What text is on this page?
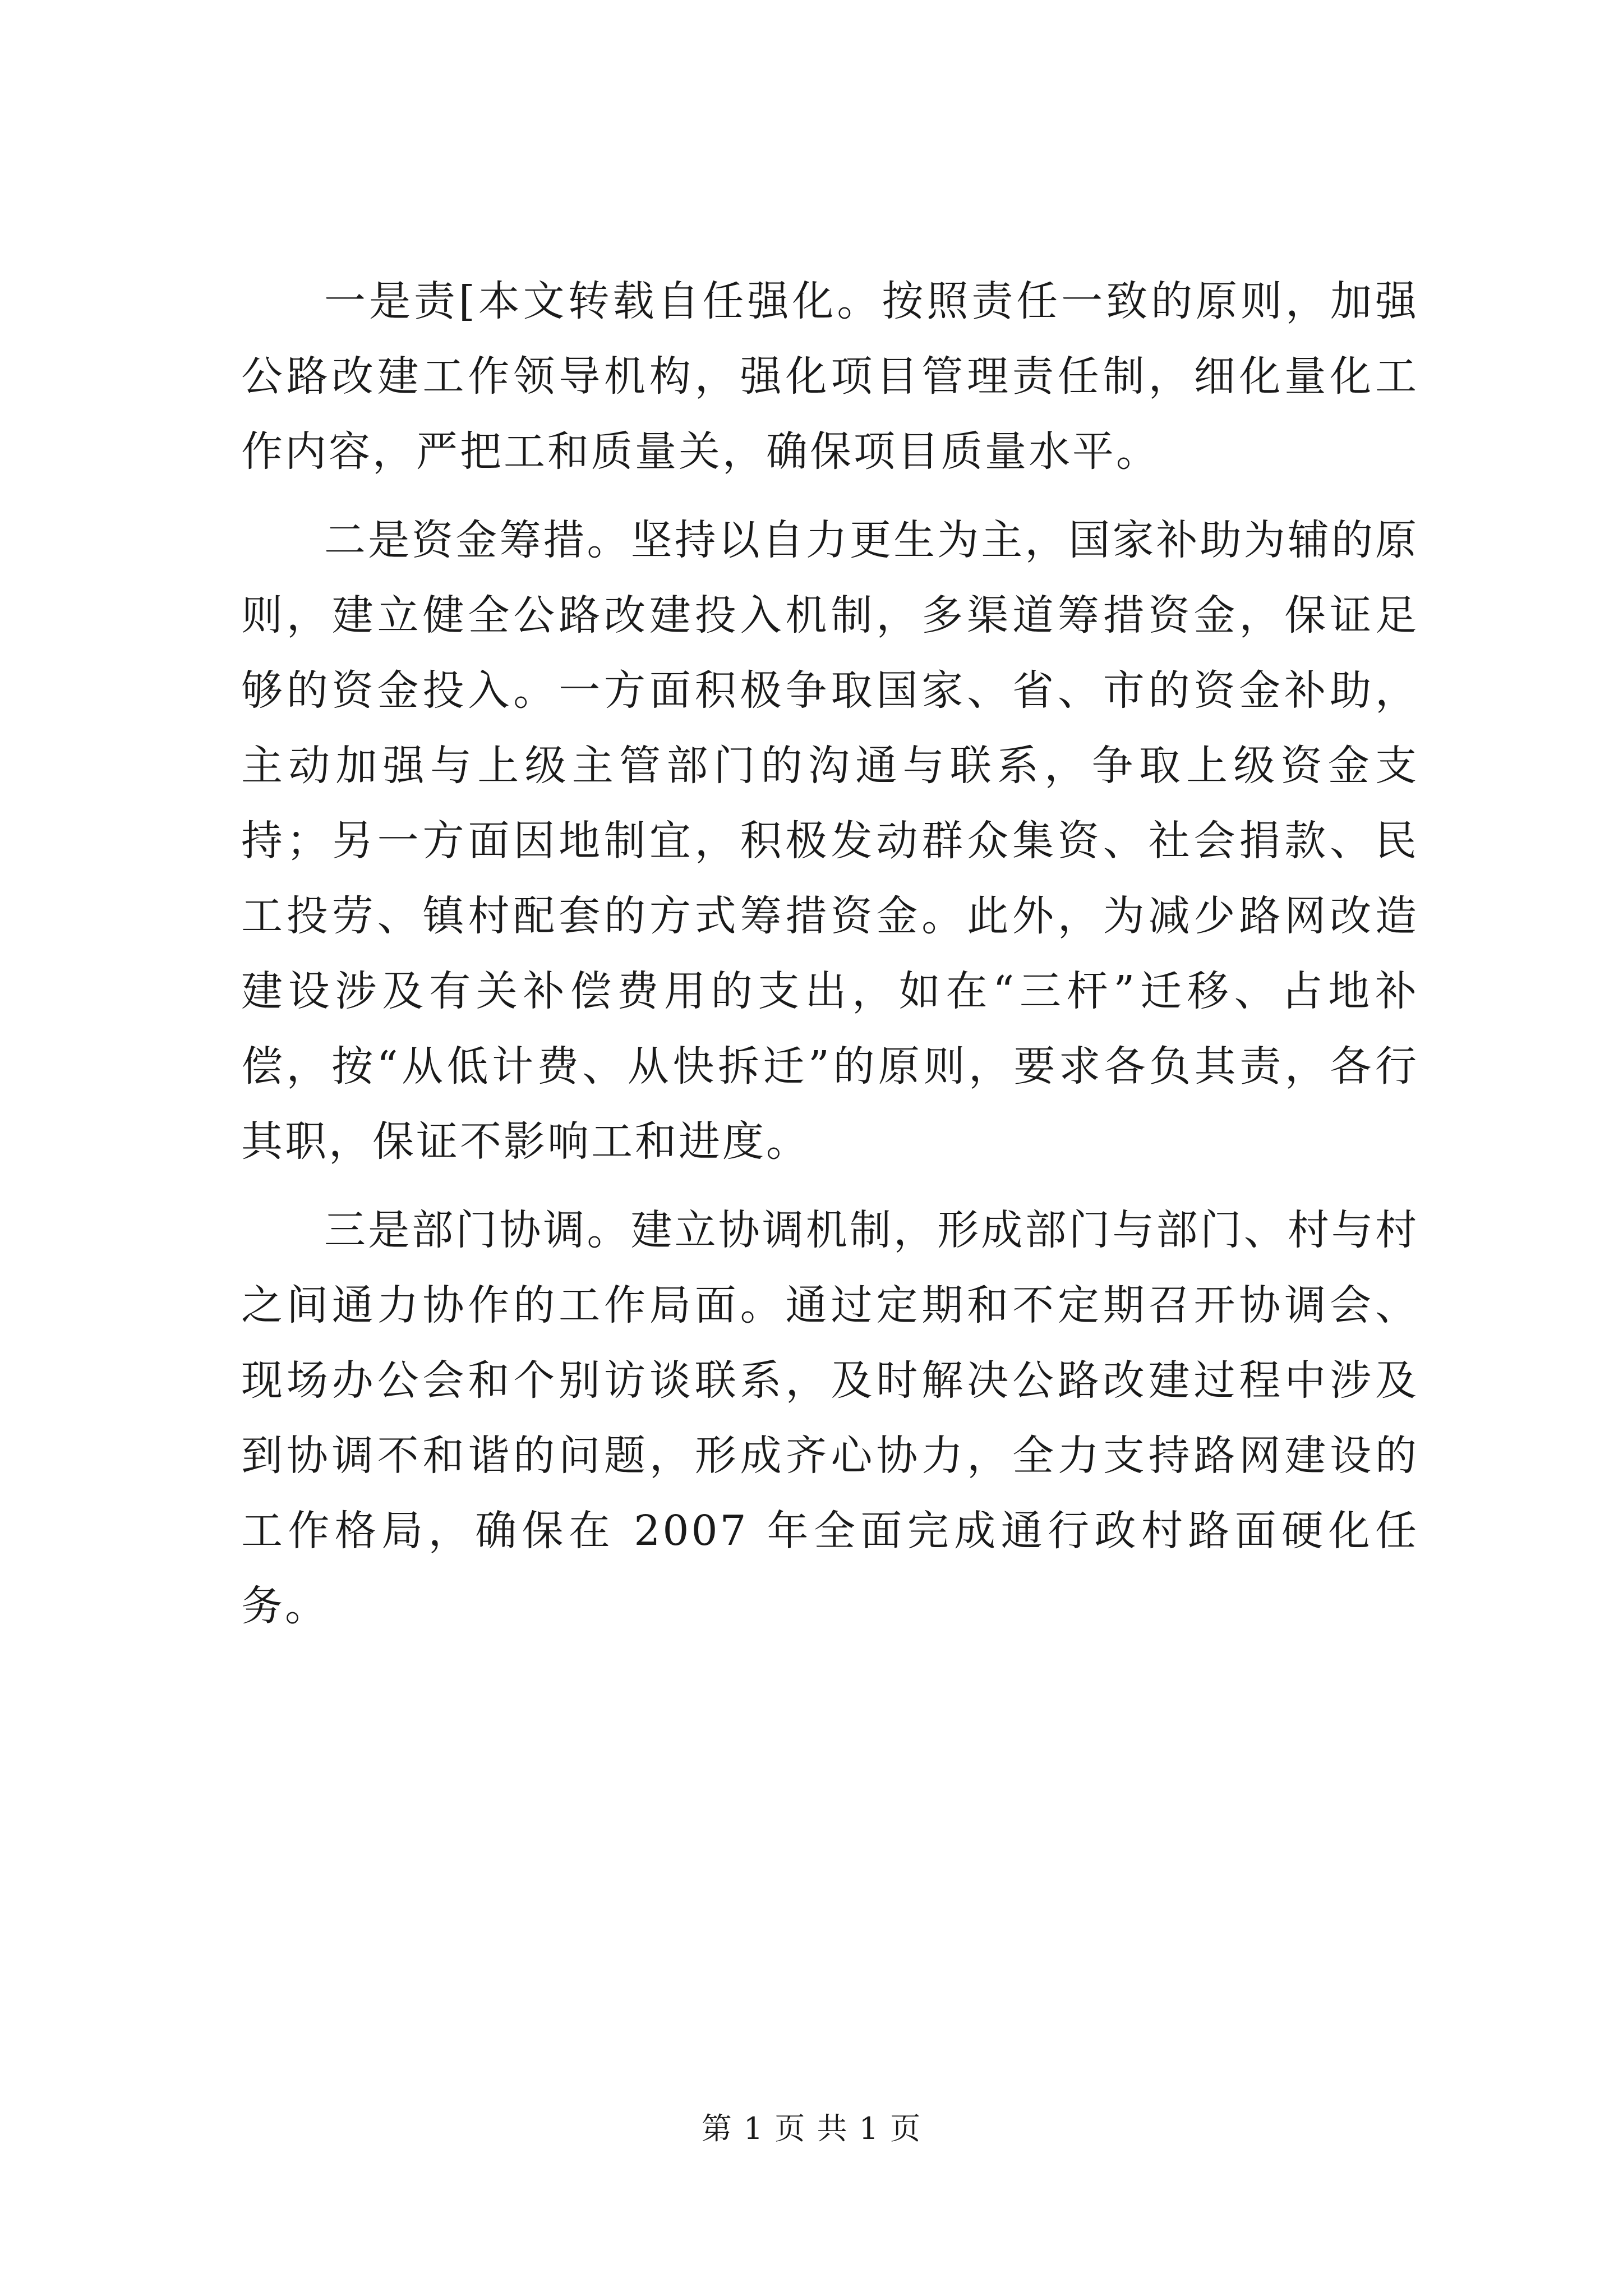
一是责[本文转载自任强化。按照责任一致的原则，加强公路改建工作领导机构，强化项目管理责任制，细化量化工作内容，严把工和质量关，确保项目质量水平。

二是资金筹措。坚持以自力更生为主，国家补助为辅的原则，建立健全公路改建投入机制，多渠道筹措资金，保证足够的资金投入。一方面积极争取国家、省、市的资金补助，主动加强与上级主管部门的沟通与联系，争取上级资金支持；另一方面因地制宜，积极发动群众集资、社会捐款、民工投劳、镇村配套的方式筹措资金。此外，为减少路网改造建设涉及有关补偿费用的支出，如在“三杆”迁移、占地补偿，按“从低计费、从快拆迁”的原则，要求各负其责，各行其职，保证不影响工和进度。

三是部门协调。建立协调机制，形成部门与部门、村与村之间通力协作的工作局面。通过定期和不定期召开协调会、现场办公会和个别访谈联系，及时解决公路改建过程中涉及到协调不和谐的问题，形成齐心协力，全力支持路网建设的工作格局，确保在 2007 年全面完成通行政村路面硬化任务。

第 1 页 共 1 页
